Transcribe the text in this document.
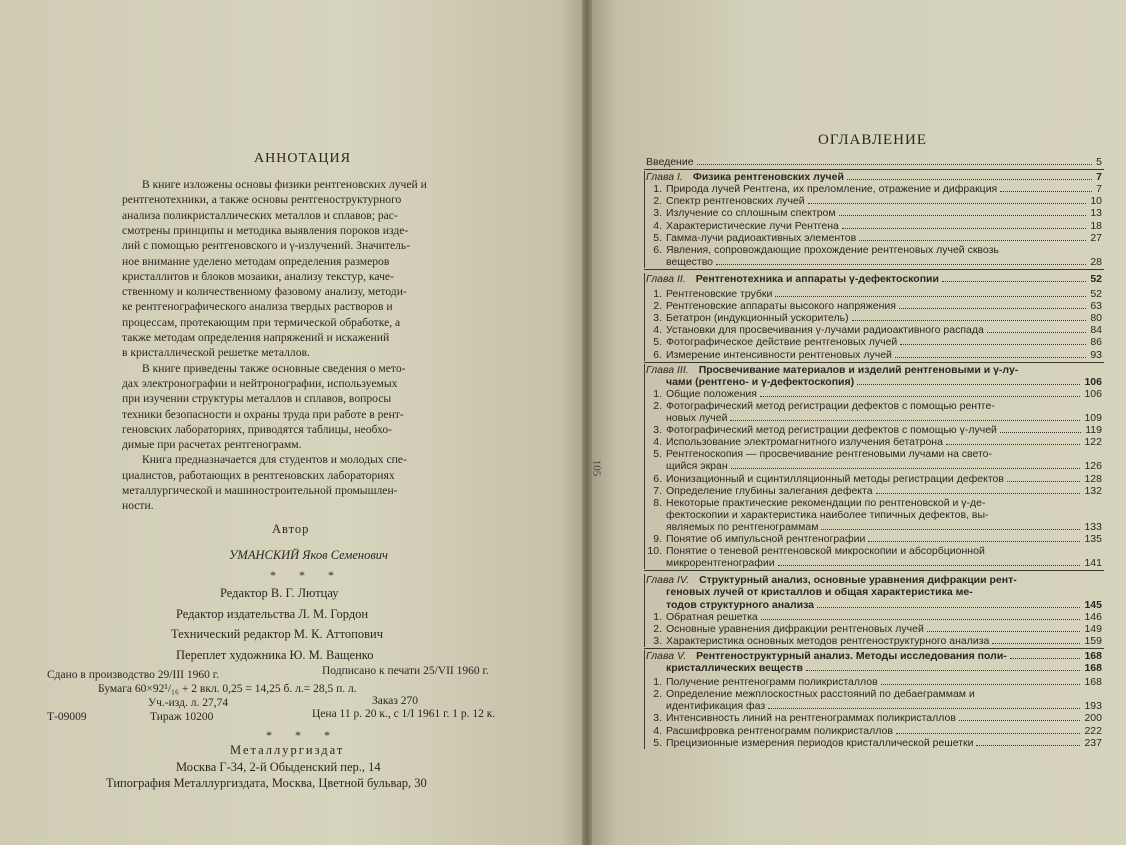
АННОТАЦИЯ
В книге изложены основы физики рентгеновских лучей и
рентгенотехники, а также основы рентгеноструктурного
анализа поликристаллических металлов и сплавов; рас-
смотрены принципы и методика выявления пороков изде-
лий с помощью рентгеновского и γ-излучений. Значитель-
ное внимание уделено методам определения размеров
кристаллитов и блоков мозаики, анализу текстур, каче-
ственному и количественному фазовому анализу, методи-
ке рентгенографического анализа твердых растворов и
процессам, протекающим при термической обработке, а
также методам определения напряжений и искажений
в кристаллической решетке металлов.
В книге приведены также основные сведения о мето-
дах электронографии и нейтронографии, используемых
при изучении структуры металлов и сплавов, вопросы
техники безопасности и охраны труда при работе в рент-
геновских лабораториях, приводятся таблицы, необхо-
димые при расчетах рентгенограмм.
Книга предназначается для студентов и молодых спе-
циалистов, работающих в рентгеновских лабораториях
металлургической и машиностроительной промышлен-
ности.
Автор
УМАНСКИЙ Яков Семенович
* * *
Редактор В. Г. Лютцау
Редактор издательства Л. М. Гордон
Технический редактор М. К. Аттопович
Переплет художника Ю. М. Ващенко
Сдано в производство 29/III 1960 г.	Подписано к печати 25/VII 1960 г.
Бумага 60×92¹/₁₆ + 2 вкл. 0,25 = 14,25 б. л.= 28,5 п. л.
Уч.-изд. л. 27,74	Заказ 270
Т-09009	Тираж 10200	Цена 11 р. 20 к., с 1/I 1961 г. 1 р. 12 к.
* * *
Металлургиздат
Москва Г-34, 2-й Обыденский пер., 14
Типография Металлургиздата, Москва, Цветной бульвар, 30
ОГЛАВЛЕНИЕ
105
Введение	5
Глава I. Физика рентгеновских лучей	7
1. Природа лучей Рентгена, их преломление, отражение и дифракция	7
2. Спектр рентгеновских лучей	10
3. Излучение со сплошным спектром	13
4. Характеристические лучи Рентгена	18
5. Гамма-лучи радиоактивных элементов	27
6. Явления, сопровождающие прохождение рентгеновых лучей сквозь
вещество	28
Глава II. Рентгенотехника и аппараты γ-дефектоскопии	52
1. Рентгеновские трубки	52
2. Рентгеновские аппараты высокого напряжения	63
3. Бетатрон (индукционный ускоритель)	80
4. Установки для просвечивания γ-лучами радиоактивного распада	84
5. Фотографическое действие рентгеновых лучей	86
6. Измерение интенсивности рентгеновых лучей	93
Глава III. Просвечивание материалов и изделий рентгеновыми и γ-лу-
чами (рентгено- и γ-дефектоскопия)	106
1. Общие положения	106
2. Фотографический метод регистрации дефектов с помощью рентге-
новых лучей	109
3. Фотографический метод регистрации дефектов с помощью γ-лучей	119
4. Использование электромагнитного излучения бетатрона	122
5. Рентгеноскопия — просвечивание рентгеновыми лучами на свето-
щийся экран	126
6. Ионизационный и сцинтилляционный методы регистрации дефектов	128
7. Определение глубины залегания дефекта	132
8. Некоторые практические рекомендации по рентгеновской и γ-де-
фектоскопии и характеристика наиболее типичных дефектов, вы-
являемых по рентгенограммам	133
9. Понятие об импульсной рентгенографии	135
10. Понятие о теневой рентгеновской микроскопии и абсорбционной
микрорентгенографии	141
Глава IV. Структурный анализ, основные уравнения дифракции рент-
геновых лучей от кристаллов и общая характеристика ме-
тодов структурного анализа	145
1. Обратная решетка	146
2. Основные уравнения дифракции рентгеновых лучей	149
3. Характеристика основных методов рентгеноструктурного анализа	159
Глава V. Рентгеноструктурный анализ. Методы исследования поли-	168
кристаллических веществ	168
1. Получение рентгенограмм поликристаллов	168
2. Определение межплоскостных расстояний по дебаеграммам и
идентификация фаз	193
3. Интенсивность линий на рентгенограммах поликристаллов	200
4. Расшифровка рентгенограмм поликристаллов	222
5. Прецизионные измерения периодов кристаллической решетки	237
